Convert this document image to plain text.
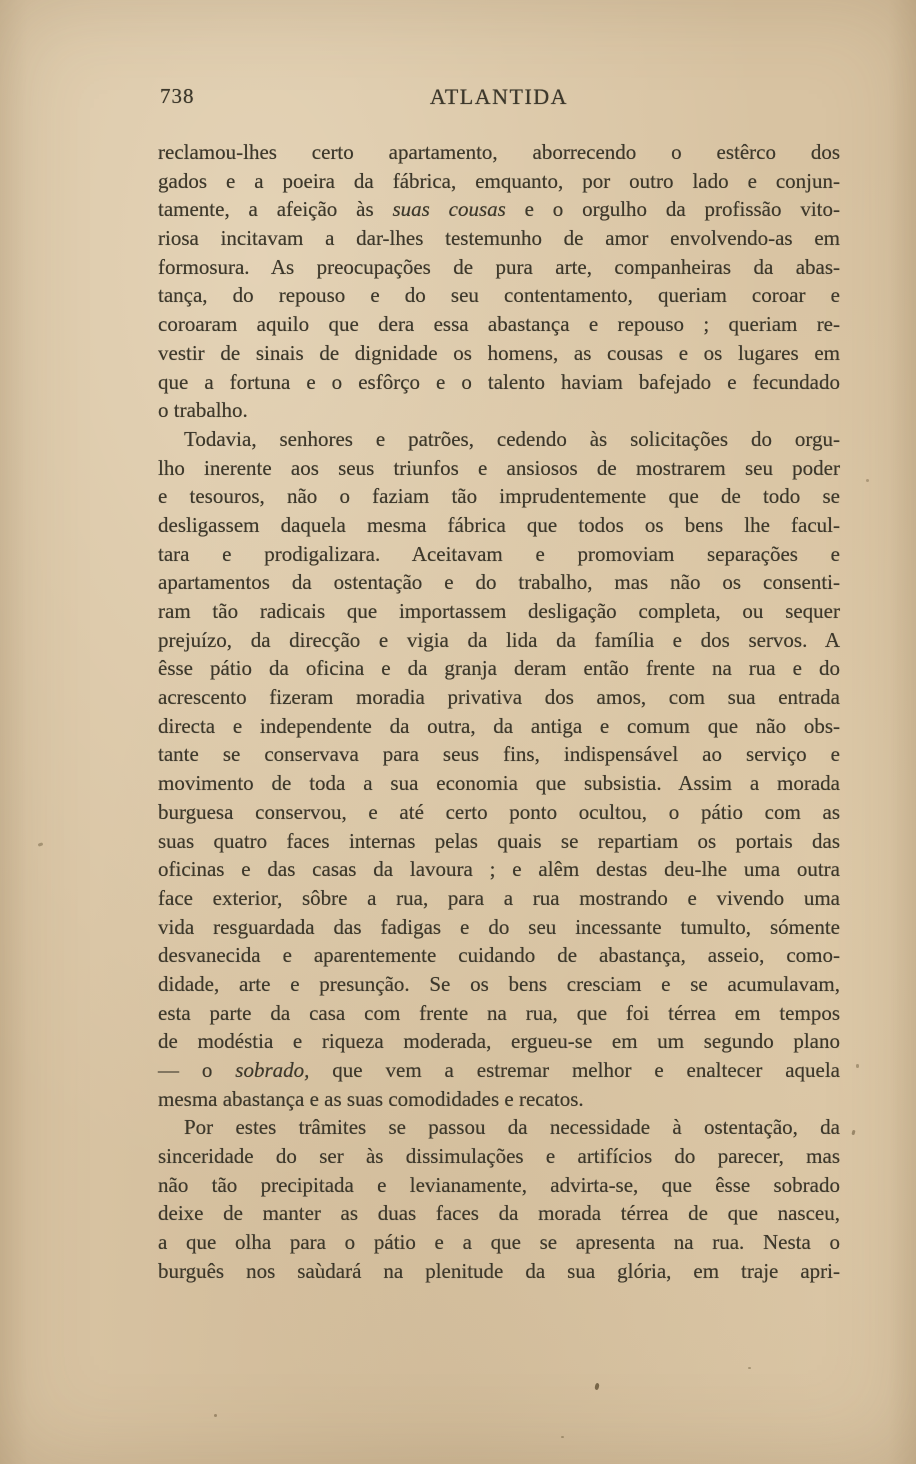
738	ATLANTIDA
reclamou-lhes certo apartamento, aborrecendo o estêrco dos
gados e a poeira da fábrica, emquanto, por outro lado e conjun-
tamente, a afeição às suas cousas e o orgulho da profissão vito-
riosa incitavam a dar-lhes testemunho de amor envolvendo-as em
formosura. As preocupações de pura arte, companheiras da abas-
tança, do repouso e do seu contentamento, queriam coroar e
coroaram aquilo que dera essa abastança e repouso ; queriam re-
vestir de sinais de dignidade os homens, as cousas e os lugares em
que a fortuna e o esfôrço e o talento haviam bafejado e fecundado
o trabalho.
Todavia, senhores e patrões, cedendo às solicitações do orgu-
lho inerente aos seus triunfos e ansiosos de mostrarem seu poder
e tesouros, não o faziam tão imprudentemente que de todo se
desligassem daquela mesma fábrica que todos os bens lhe facul-
tara e prodigalizara. Aceitavam e promoviam separações e
apartamentos da ostentação e do trabalho, mas não os consenti-
ram tão radicais que importassem desligação completa, ou sequer
prejuízo, da direcção e vigia da lida da família e dos servos. A
êsse pátio da oficina e da granja deram então frente na rua e do
acrescento fizeram moradia privativa dos amos, com sua entrada
directa e independente da outra, da antiga e comum que não obs-
tante se conservava para seus fins, indispensável ao serviço e
movimento de toda a sua economia que subsistia. Assim a morada
burguesa conservou, e até certo ponto ocultou, o pátio com as
suas quatro faces internas pelas quais se repartiam os portais das
oficinas e das casas da lavoura ; e alêm destas deu-lhe uma outra
face exterior, sôbre a rua, para a rua mostrando e vivendo uma
vida resguardada das fadigas e do seu incessante tumulto, sómente
desvanecida e aparentemente cuidando de abastança, asseio, como-
didade, arte e presunção. Se os bens cresciam e se acumulavam,
esta parte da casa com frente na rua, que foi térrea em tempos
de modéstia e riqueza moderada, ergueu-se em um segundo plano
— o sobrado, que vem a estremar melhor e enaltecer aquela
mesma abastança e as suas comodidades e recatos.
Por estes trâmites se passou da necessidade à ostentação, da
sinceridade do ser às dissimulações e artifícios do parecer, mas
não tão precipitada e levianamente, advirta-se, que êsse sobrado
deixe de manter as duas faces da morada térrea de que nasceu,
a que olha para o pátio e a que se apresenta na rua. Nesta o
burguês nos saùdará na plenitude da sua glória, em traje apri-
